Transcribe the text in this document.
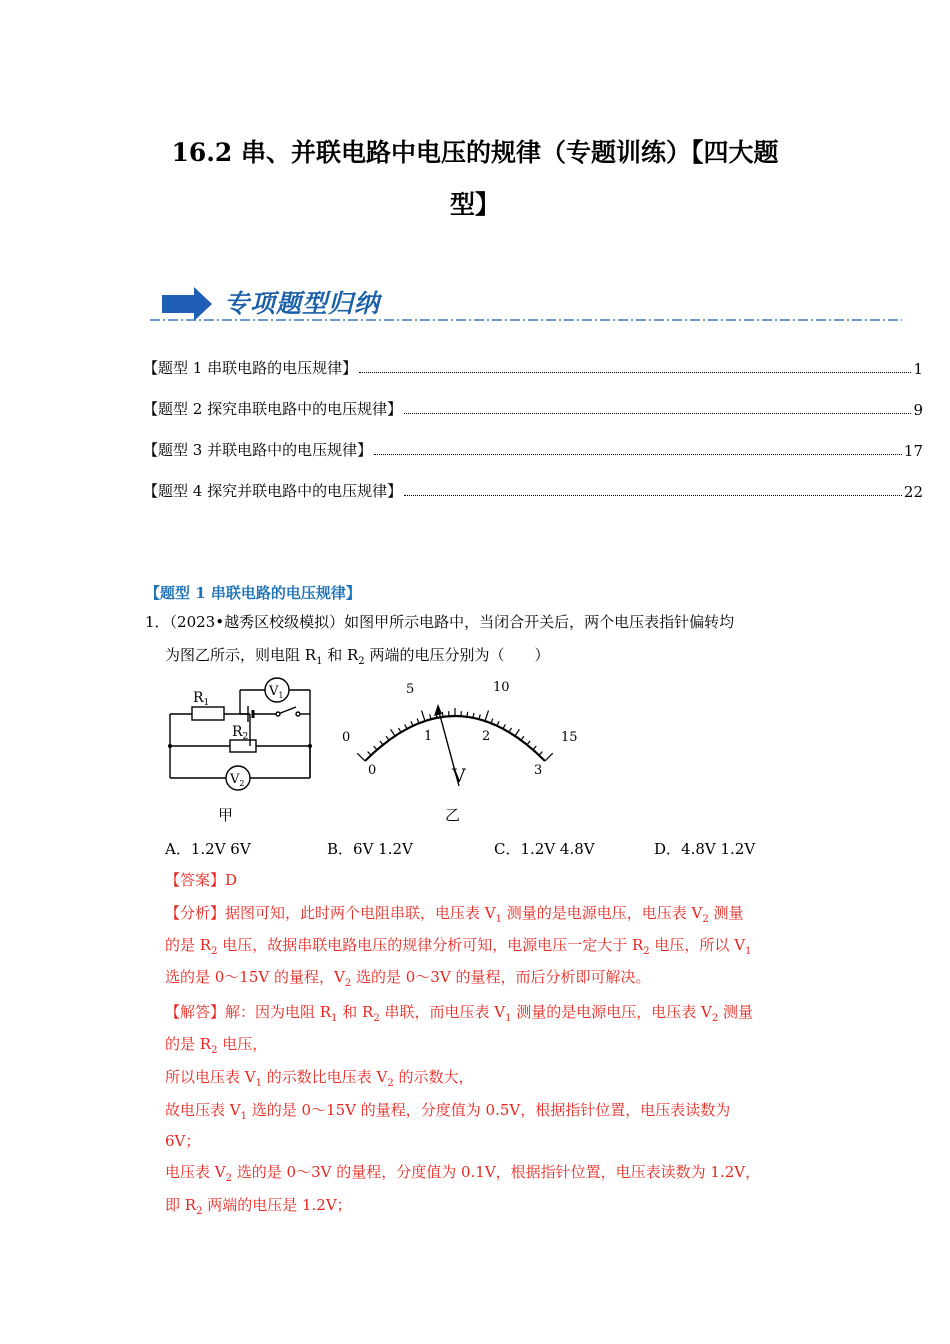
16.2 串、并联电路中电压的规律（专题训练）【四大题
型】
专项题型归纳
【题型 1 串联电路的电压规律】	1
【题型 2 探究串联电路中的电压规律】	9
【题型 3 并联电路中的电压规律】	17
【题型 4 探究并联电路中的电压规律】	22
【题型 1 串联电路的电压规律】
1．（2023•越秀区校级模拟）如图甲所示电路中，当闭合开关后，两个电压表指针偏转均
为图乙所示，则电阻 $R_1$ 和 $R_2$ 两端的电压分别为（　　）
$R_1$
$R_2$
$V_1$
$V_2$
甲
0
5	10
15
0
1	2
3
V
乙
A．1.2V 6V	B．6V 1.2V	C．1.2V 4.8V	D．4.8V 1.2V
【答案】D
【分析】据图可知，此时两个电阻串联，电压表 $V_1$ 测量的是电源电压，电压表 $V_2$ 测量
的是 $R_2$ 电压，故据串联电路电压的规律分析可知，电源电压一定大于 $R_2$ 电压，所以 $V_1$
选的是 0～15V 的量程，$V_2$ 选的是 0～3V 的量程，而后分析即可解决。
【解答】解：因为电阻 $R_1$ 和 $R_2$ 串联，而电压表 $V_1$ 测量的是电源电压，电压表 $V_2$ 测量
的是 $R_2$ 电压，
所以电压表 $V_1$ 的示数比电压表 $V_2$ 的示数大，
故电压表 $V_1$ 选的是 0～15V 的量程，分度值为 0.5V，根据指针位置，电压表读数为
6V；
电压表 $V_2$ 选的是 0～3V 的量程，分度值为 0.1V，根据指针位置，电压表读数为 1.2V，
即 $R_2$ 两端的电压是 1.2V；
